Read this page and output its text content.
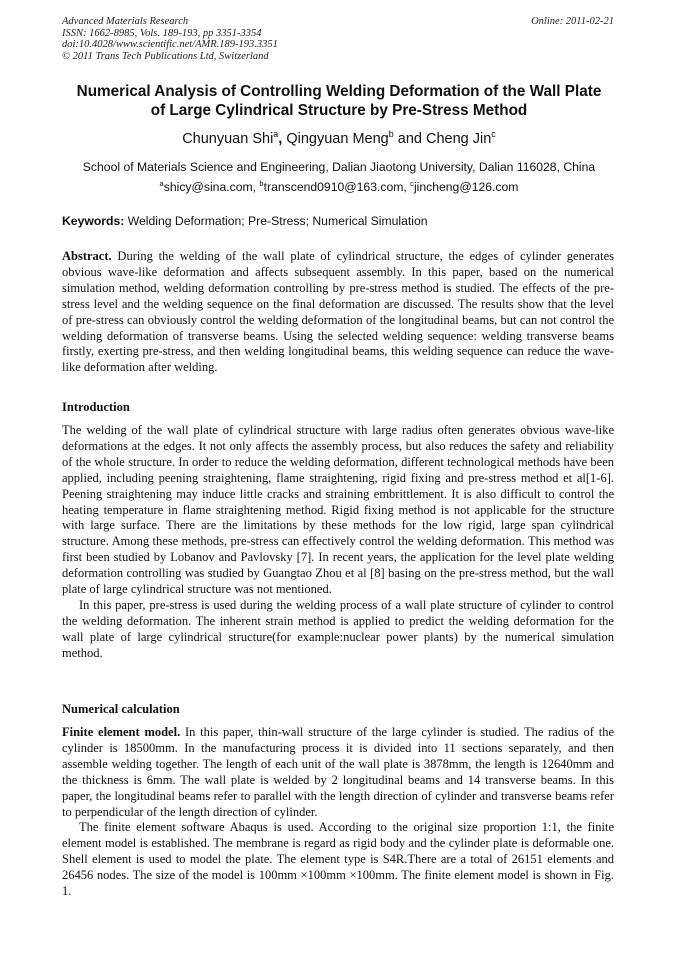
Advanced Materials Research
ISSN: 1662-8985, Vols. 189-193, pp 3351-3354
doi:10.4028/www.scientific.net/AMR.189-193.3351
© 2011 Trans Tech Publications Ltd, Switzerland
Online: 2011-02-21
Numerical Analysis of Controlling Welding Deformation of the Wall Plate
of Large Cylindrical Structure by Pre-Stress Method
Chunyuan Shi$^a$, Qingyuan Meng$^b$ and Cheng Jin$^c$
School of Materials Science and Engineering, Dalian Jiaotong University, Dalian 116028, China
$^a$shicy@sina.com, $^b$transcend0910@163.com, $^c$jincheng@126.com
Keywords: Welding Deformation; Pre-Stress; Numerical Simulation
Abstract. During the welding of the wall plate of cylindrical structure, the edges of cylinder generates obvious wave-like deformation and affects subsequent assembly. In this paper, based on the numerical simulation method, welding deformation controlling by pre-stress method is studied. The effects of the pre-stress level and the welding sequence on the final deformation are discussed. The results show that the level of pre-stress can obviously control the welding deformation of the longitudinal beams, but can not control the welding deformation of transverse beams. Using the selected welding sequence: welding transverse beams firstly, exerting pre-stress, and then welding longitudinal beams, this welding sequence can reduce the wave-like deformation after welding.
Introduction
The welding of the wall plate of cylindrical structure with large radius often generates obvious wave-like deformations at the edges. It not only affects the assembly process, but also reduces the safety and reliability of the whole structure. In order to reduce the welding deformation, different technological methods have been applied, including peening straightening, flame straightening, rigid fixing and pre-stress method et al[1-6]. Peening straightening may induce little cracks and straining embrittlement. It is also difficult to control the heating temperature in flame straightening method. Rigid fixing method is not applicable for the structure with large surface. There are the limitations by these methods for the low rigid, large span cylindrical structure. Among these methods, pre-stress can effectively control the welding deformation. This method was first been studied by Lobanov and Pavlovsky [7]. In recent years, the application for the level plate welding deformation controlling was studied by Guangtao Zhou et al [8] basing on the pre-stress method, but the wall plate of large cylindrical structure was not mentioned.
In this paper, pre-stress is used during the welding process of a wall plate structure of cylinder to control the welding deformation. The inherent strain method is applied to predict the welding deformation for the wall plate of large cylindrical structure(for example:nuclear power plants) by the numerical simulation method.
Numerical calculation
Finite element model. In this paper, thin-wall structure of the large cylinder is studied. The radius of the cylinder is 18500mm. In the manufacturing process it is divided into 11 sections separately, and then assemble welding together. The length of each unit of the wall plate is 3878mm, the length is 12640mm and the thickness is 6mm. The wall plate is welded by 2 longitudinal beams and 14 transverse beams. In this paper, the longitudinal beams refer to parallel with the length direction of cylinder and transverse beams refer to perpendicular of the length direction of cylinder.
The finite element software Abaqus is used. According to the original size proportion 1:1, the finite element model is established. The membrane is regard as rigid body and the cylinder plate is deformable one. Shell element is used to model the plate. The element type is S4R.There are a total of 26151 elements and 26456 nodes. The size of the model is 100mm ×100mm ×100mm. The finite element model is shown in Fig. 1.
